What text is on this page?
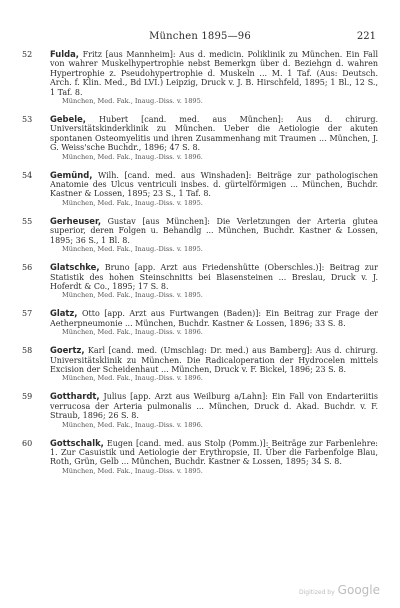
München 1895—96	221
52	Fulda, Fritz [aus Mannheim]: Aus d. medicin. Poliklinik zu München. Ein Fall von wahrer Muskelhypertrophie nebst Bemerkgn über d. Beziehgn d. wahren Hypertrophie z. Pseudohypertrophie d. Muskeln ... M. 1 Taf. (Aus: Deutsch. Arch. f. Klin. Med., Bd LVI.) Leipzig, Druck v. J. B. Hirschfeld, 1895; 1 Bl., 12 S., 1 Taf. 8.
München, Med. Fak., Inaug.-Diss. v. 1895.
53	Gebele, Hubert [cand. med. aus München]: Aus d. chirurg. Universitätskinderklinik zu München. Ueber die Aetiologie der akuten spontanen Osteomyelitis und ihren Zusammenhang mit Traumen ... München, J. G. Weiss'sche Buchdr., 1896; 47 S. 8.
München, Med. Fak., Inaug.-Diss. v. 1896.
54	Gemünd, Wilh. [cand. med. aus Winshaden]: Beiträge zur pathologischen Anatomie des Ulcus ventriculi insbes. d. gürtelförmigen ... München, Buchdr. Kastner & Lossen, 1895; 23 S., 1 Taf. 8.
München, Med. Fak., Inaug.-Diss. v. 1895.
55	Gerheuser, Gustav [aus München]: Die Verletzungen der Arteria glutea superior, deren Folgen u. Behandlg ... München, Buchdr. Kastner & Lossen, 1895; 36 S., 1 Bl. 8.
München, Med. Fak., Inaug.-Diss. v. 1895.
56	Glatschke, Bruno [app. Arzt aus Friedenshütte (Oberschles.)]: Beitrag zur Statistik des hohen Steinschnitts bei Blasensteinen ... Breslau, Druck v. J. Hoferdt & Co., 1895; 17 S. 8.
München, Med. Fak., Inaug.-Diss. v. 1895.
57	Glatz, Otto [app. Arzt aus Furtwangen (Baden)]: Ein Beitrag zur Frage der Aetherpneumonie ... München, Buchdr. Kastner & Lossen, 1896; 33 S. 8.
München, Med. Fak., Inaug.-Diss. v. 1896.
58	Goertz, Karl [cand. med. (Umschlag: Dr. med.) aus Bamberg]: Aus d. chirurg. Universitätsklinik zu München. Die Radicaloperation der Hydrocelen mittels Excision der Scheidenhaut ... München, Druck v. F. Bickel, 1896; 23 S. 8.
München, Med. Fak., Inaug.-Diss. v. 1896.
59	Gotthardt, Julius [app. Arzt aus Weilburg a/Lahn]: Ein Fall von Endarteriitis verrucosa der Arteria pulmonalis ... München, Druck d. Akad. Buchdr. v. F. Straub, 1896; 26 S. 8.
München, Med. Fak., Inaug.-Diss. v. 1896.
60	Gottschalk, Eugen [cand. med. aus Stolp (Pomm.)]: Beiträge zur Farbenlehre: 1. Zur Casuistik und Aetiologie der Erythropsie, II. Über die Farbenfolge Blau, Roth, Grün, Gelb ... München, Buchdr. Kastner & Lossen, 1895; 34 S. 8.
München, Med. Fak., Inaug.-Diss. v. 1895.
Digitized by Google
